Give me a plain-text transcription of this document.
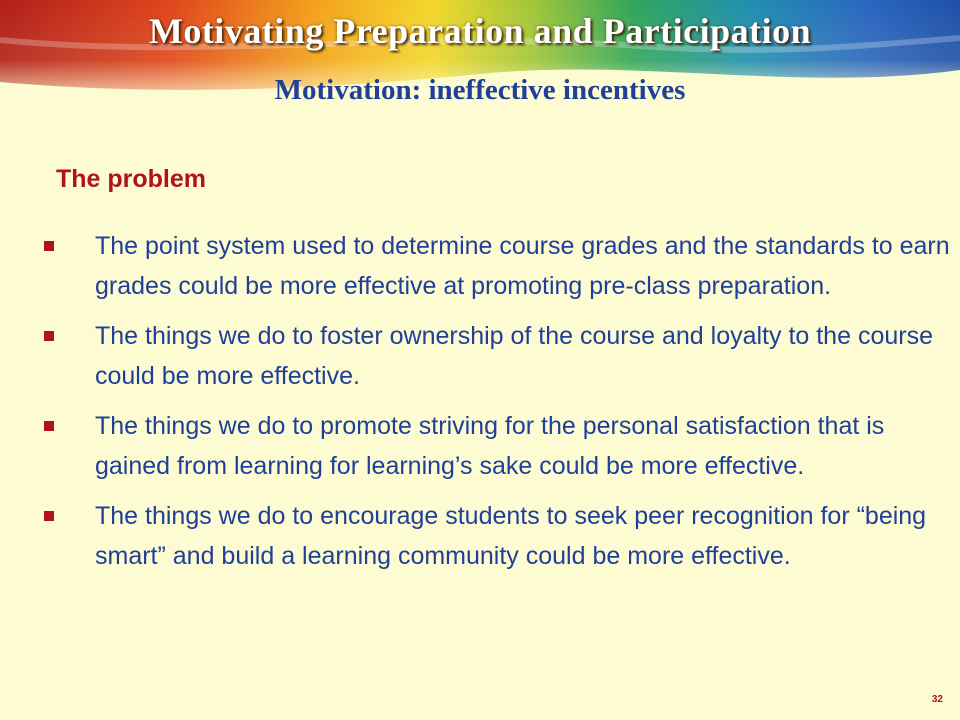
Motivating Preparation and Participation
Motivation: ineffective incentives
The problem
The point system used to determine course grades and the standards to earn grades could be more effective at promoting pre-class preparation.
The things we do to foster ownership of the course and loyalty to the course could be more effective.
The things we do to promote striving for the personal satisfaction that is gained from learning for learning’s sake could be more effective.
The things we do to encourage students to seek peer recognition for “being smart” and build a learning community could be more effective.
32
